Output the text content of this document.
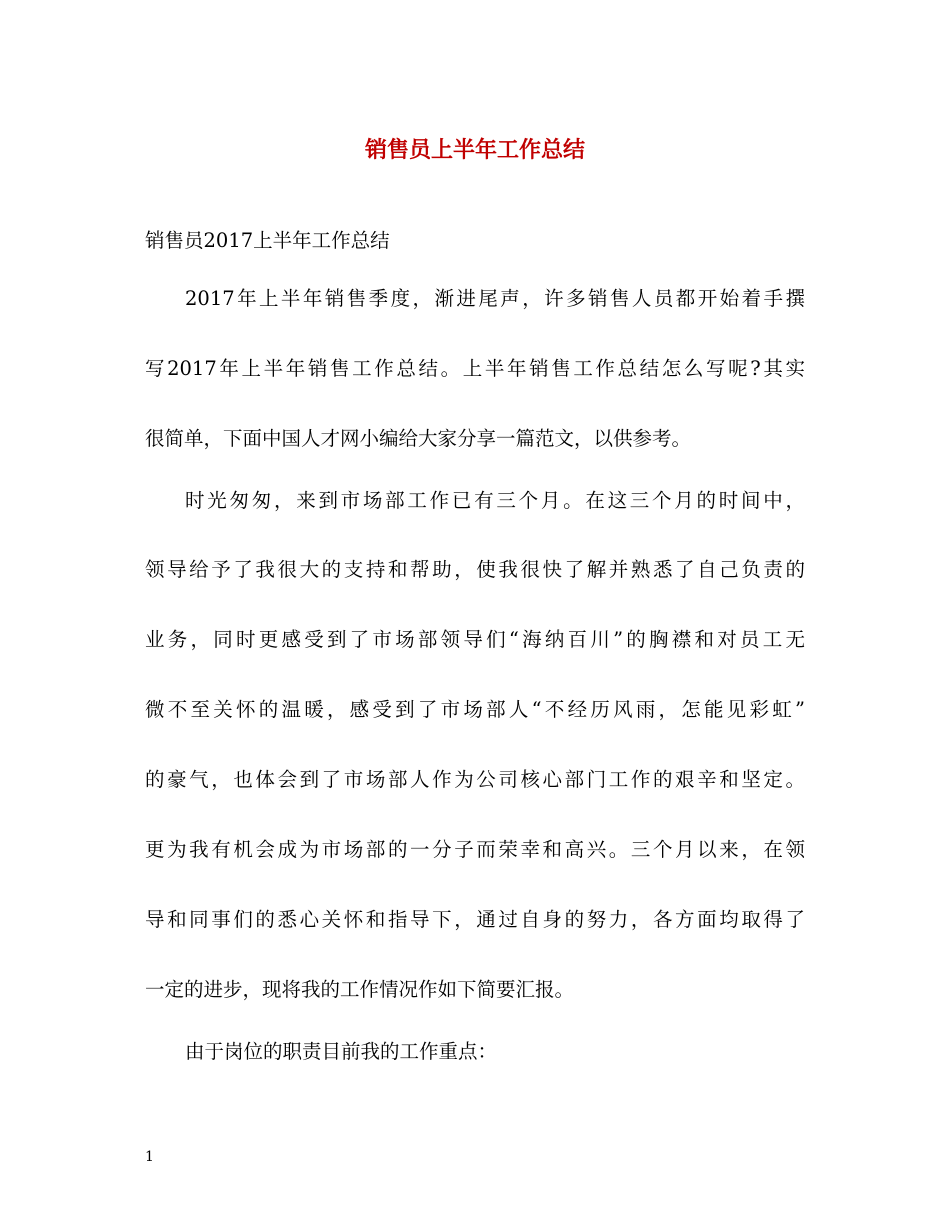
销售员上半年工作总结
销售员2017上半年工作总结
2017年上半年销售季度，渐进尾声，许多销售人员都开始着手撰
写2017年上半年销售工作总结。上半年销售工作总结怎么写呢?其实
很简单，下面中国人才网小编给大家分享一篇范文，以供参考。
时光匆匆，来到市场部工作已有三个月。在这三个月的时间中，
领导给予了我很大的支持和帮助，使我很快了解并熟悉了自己负责的
业务，同时更感受到了市场部领导们“海纳百川”的胸襟和对员工无
微不至关怀的温暖，感受到了市场部人“不经历风雨，怎能见彩虹”
的豪气，也体会到了市场部人作为公司核心部门工作的艰辛和坚定。
更为我有机会成为市场部的一分子而荣幸和高兴。三个月以来，在领
导和同事们的悉心关怀和指导下，通过自身的努力，各方面均取得了
一定的进步，现将我的工作情况作如下简要汇报。
由于岗位的职责目前我的工作重点：
1
